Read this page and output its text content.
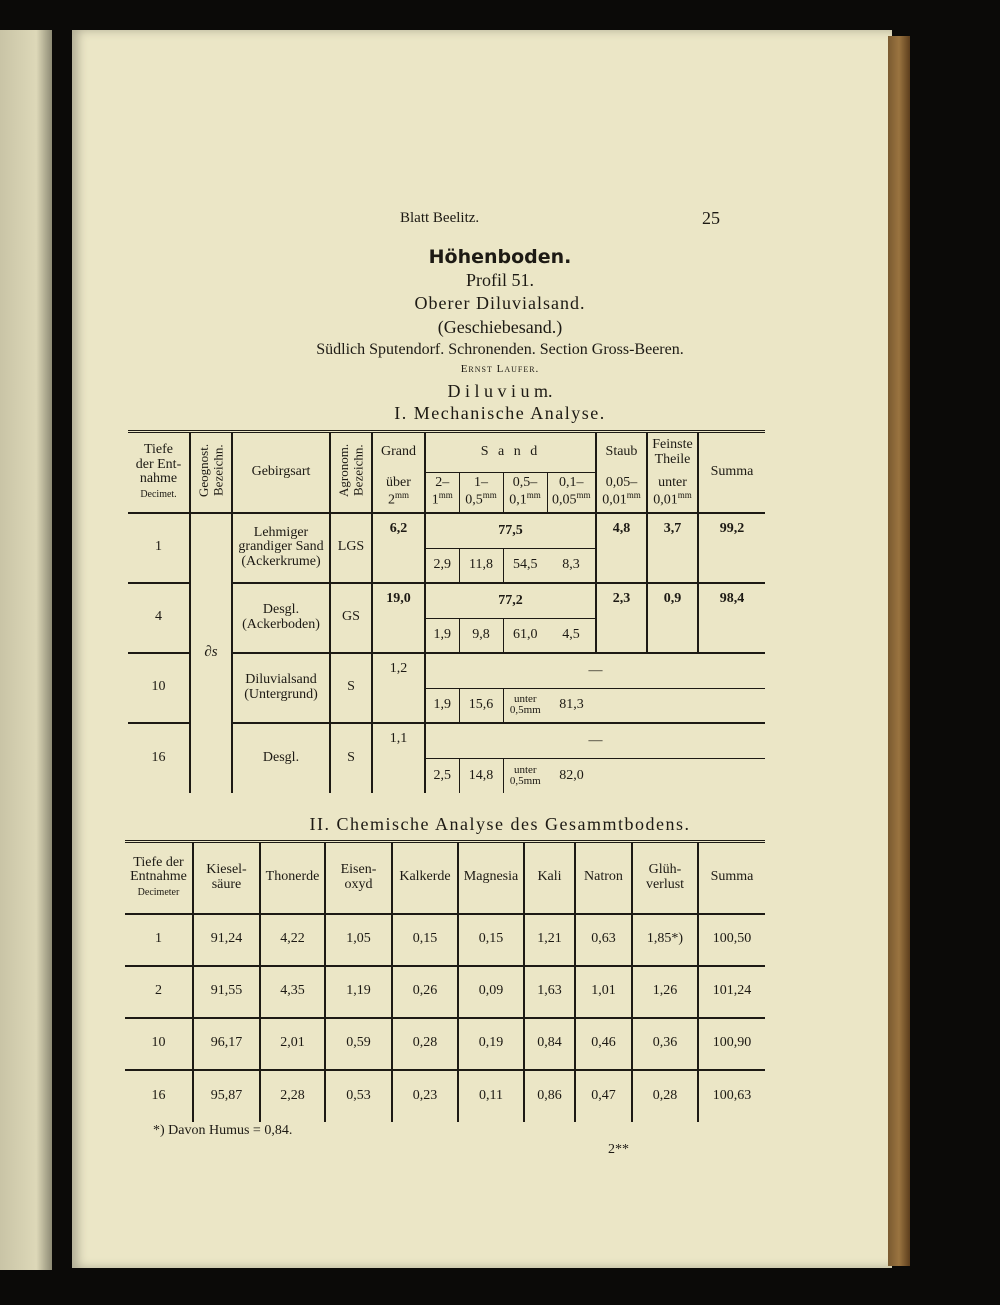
Blatt Beelitz.	25
Höhenboden.
Profil 51.
Oberer Diluvialsand.
(Geschiebesand.)
Südlich Sputendorf. Schronenden. Section Gross-Beeren.
Ernst Laufer.
D i l u v i u m.
I. Mechanische Analyse.
Tiefe
der Ent-
nahme
Decimet.	Geognost. Bezeichn.	Gebirgsart	Agronom. Bezeichn.	Grand	S a n d				Staub	Feinste Theile	Summa
				über $2^{mm}$	$2-1^{mm}$	$1-0,5^{mm}$	$0,5-0,1^{mm}$	$0,1-0,05^{mm}$	$0,05-0,01^{mm}$	unter $0,01^{mm}$
1	∂s	Lehmiger grandiger Sand (Ackerkrume)	LGS	6,2	77,5				4,8	3,7	99,2
					2,9	11,8	54,5	8,3			
4		Desgl. (Ackerboden)	GS	19,0	77,2				2,3	0,9	98,4
					1,9	9,8	61,0	4,5			
10		Diluvialsand (Untergrund)	S	1,2	—						
					1,9	15,6	unter 0,5mm	81,3			
16		Desgl.	S	1,1	—						
					2,5	14,8	unter 0,5mm	82,0			
II. Chemische Analyse des Gesammtbodens.
Tiefe der Entnahme
Decimeter	Kiesel-säure	Thonerde	Eisen-oxyd	Kalkerde	Magnesia	Kali	Natron	Glüh-verlust	Summa
1	91,24	4,22	1,05	0,15	0,15	1,21	0,63	1,85*)	100,50
2	91,55	4,35	1,19	0,26	0,09	1,63	1,01	1,26	101,24
10	96,17	2,01	0,59	0,28	0,19	0,84	0,46	0,36	100,90
16	95,87	2,28	0,53	0,23	0,11	0,86	0,47	0,28	100,63
*) Davon Humus = 0,84.
2**
